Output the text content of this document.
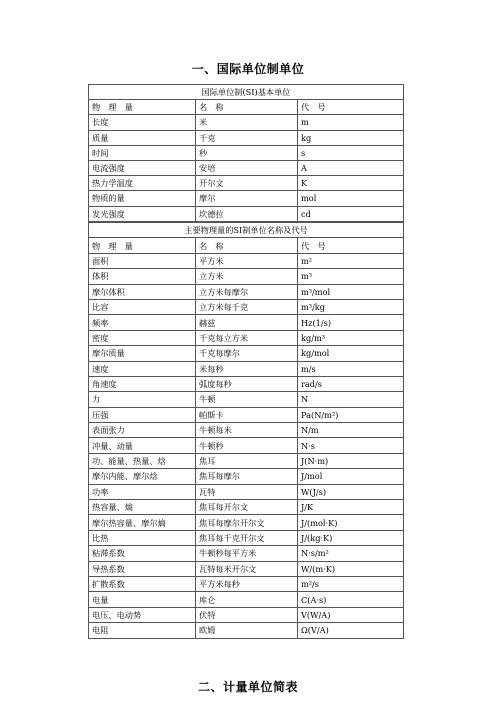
一、国际单位制单位
国际单位制(SI)基本单位		
物　理　量	名　称	代　号
长度	米	m
质量	千克	kg
时间	秒	s
电流强度	安培	A
热力学温度	开尔文	K
物质的量	摩尔	mol
发光强度	坎德拉	cd
主要物理量的SI制单位名称及代号		
物　理　量	名　称	代　号
面积	平方米	m²
体积	立方米	m³
摩尔体积	立方米每摩尔	m³/mol
比容	立方米每千克	m³/kg
频率	赫兹	Hz(1/s)
密度	千克每立方米	kg/m³
摩尔质量	千克每摩尔	kg/mol
速度	米每秒	m/s
角速度	弧度每秒	rad/s
力	牛顿	N
压强	帕斯卡	Pa(N/m²)
表面张力	牛顿每米	N/m
冲量、动量	牛顿秒	N·s
功、能量、热量、焓	焦耳	J(N·m)
摩尔内能、摩尔焓	焦耳每摩尔	J/mol
功率	瓦特	W(J/s)
热容量、熵	焦耳每开尔文	J/K
摩尔热容量、摩尔熵	焦耳每摩尔开尔文	J/(mol·K)
比热	焦耳每千克开尔文	J/(kg·K)
粘滞系数	牛顿秒每平方米	N·s/m²
导热系数	瓦特每米开尔文	W/(m·K)
扩散系数	平方米每秒	m²/s
电量	库仑	C(A·s)
电压、电动势	伏特	V(W/A)
电阻	欧姆	Ω(V/A)
二、计量单位简表
